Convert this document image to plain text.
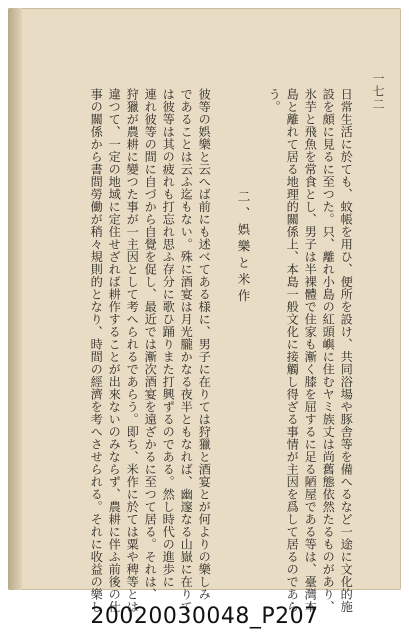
一七二
日常生活に於ても、蚊帳を用ひ、便所を設け、共同浴場や豚舎等を備へるなど一途に文化的施
設を頗に見るに至つた。只、離れ小島の紅頭嶼に住むヤミ族丈は尚舊態依然たるものがあり、
氷芋と飛魚を常食とし、男子は半裸體で住家も漸く膝を屈するに足る陋屋である等は、臺灣本
島と離れて居る地理的關係上、本島一般文化に接觸し得ざる事情が主因を爲して居るのであら
う。
二、娯樂と米作
彼等の娯樂と云へば前にも述べてある様に、男子に在りては狩獵と酒宴とが何よりの樂しみ
であることは云ふ迄もない。殊に酒宴は月光朧かなる夜半ともなれば、幽邃なる山嶽に在りて
は彼等は其の疲れも打忘れ思ふ存分に歌ひ踊りまた打興ずるのである。然し時代の進歩に
連れ彼等の間に自づから自覺を促し、最近では漸次酒宴を遠ざかるに至つて居る。それは、
狩獵が農耕に變つた事が一主因として考へられるであらう。即ち、米作に於ては粟や稗等とは
違つて、一定の地域に定住せざれば耕作することが出來ないのみならず、農耕に伴ふ前後の仕
事の關係から書間勞働が稍々規則的となり、時間の經濟を考へさせられる。それに收益の樂し
20020030048_P207
